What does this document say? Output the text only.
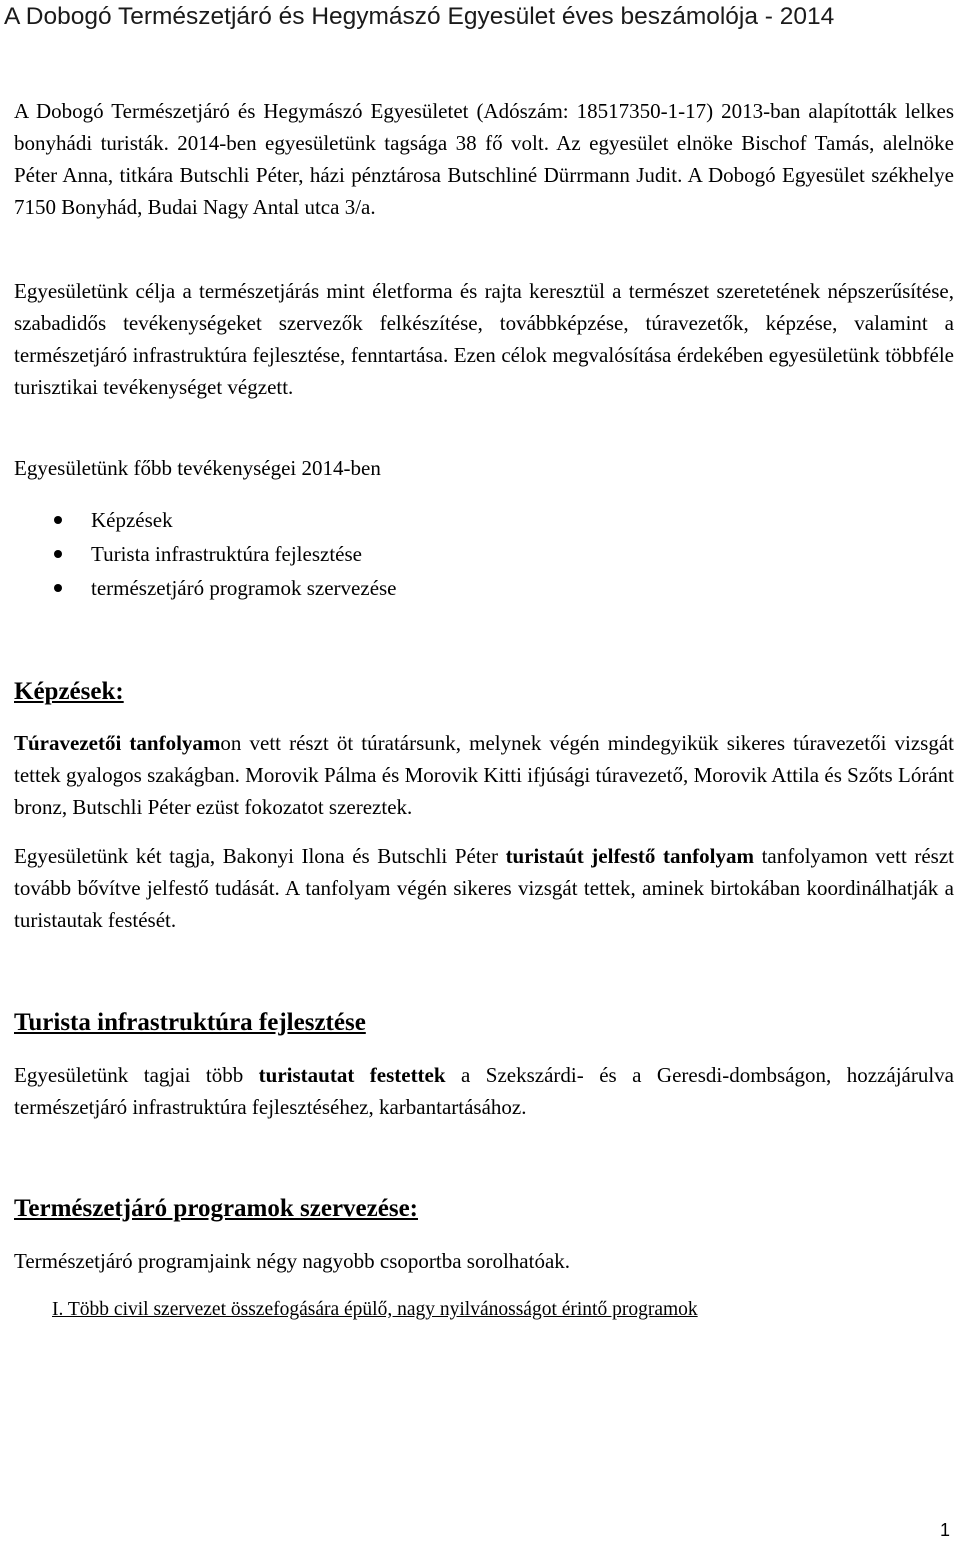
A Dobogó Természetjáró és Hegymászó Egyesület éves beszámolója - 2014

A Dobogó Természetjáró és Hegymászó Egyesületet (Adószám: 18517350-1-17) 2013-ban alapították lelkes bonyhádi turisták. 2014-ben egyesületünk tagsága 38 fő volt. Az egyesület elnöke Bischof Tamás, alelnöke Péter Anna, titkára Butschli Péter, házi pénztárosa Butschliné Dürrmann Judit. A Dobogó Egyesület székhelye 7150 Bonyhád, Budai Nagy Antal utca 3/a.

Egyesületünk célja a természetjárás mint életforma és rajta keresztül a természet szeretetének népszerűsítése, szabadidős tevékenységeket szervezők felkészítése, továbbképzése, túravezetők, képzése, valamint a természetjáró infrastruktúra fejlesztése, fenntartása. Ezen célok megvalósítása érdekében egyesületünk többféle turisztikai tevékenységet végzett.

Egyesületünk főbb tevékenységei 2014-ben

Képzések
Turista infrastruktúra fejlesztése
természetjáró programok szervezése
Képzések:

Túravezetői tanfolyamon vett részt öt túratársunk, melynek végén mindegyikük sikeres túravezetői vizsgát tettek gyalogos szakágban. Morovik Pálma és Morovik Kitti ifjúsági túravezető, Morovik Attila és Szőts Lóránt bronz, Butschli Péter ezüst fokozatot szereztek.

Egyesületünk két tagja, Bakonyi Ilona és Butschli Péter turistaút jelfestő tanfolyam tanfolyamon vett részt tovább bővítve jelfestő tudását. A tanfolyam végén sikeres vizsgát tettek, aminek birtokában koordinálhatják a turistautak festését.

Turista infrastruktúra fejlesztése

Egyesületünk tagjai több turistautat festettek a Szekszárdi- és a Geresdi-dombságon, hozzájárulva természetjáró infrastruktúra fejlesztéséhez, karbantartásához.

Természetjáró programok szervezése:

Természetjáró programjaink négy nagyobb csoportba sorolhatóak.

I. Több civil szervezet összefogására épülő, nagy nyilvánosságot érintő programok

1
